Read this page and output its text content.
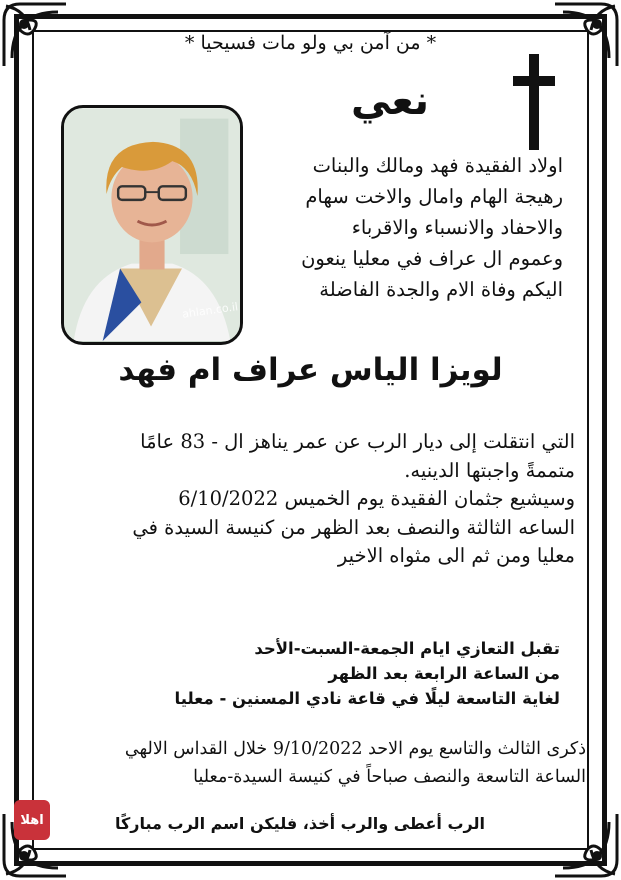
* من آمن بي ولو مات فسيحيا *
نعي
ahlan.co.il
اولاد الفقيدة فهد ومالك والبنات
رهيجة الهام وامال والاخت سهام
والاحفاد والانسباء والاقرباء
وعموم ال عراف في معليا ينعون
اليكم وفاة الام والجدة الفاضلة
لويزا الياس عراف ام فهد
التي انتقلت إلى ديار الرب عن عمر يناهز ال - 83 عامًا
متممةً واجبتها الدينيه.
وسيشيع جثمان الفقيدة يوم الخميس 6/10/2022
الساعه الثالثة والنصف بعد الظهر من كنيسة السيدة في
معليا ومن ثم الى مثواه الاخير
تقبل التعازي ايام الجمعة-السبت-الأحد
من الساعة الرابعة بعد الظهر
لغاية التاسعة ليلًا في قاعة نادي المسنين - معليا
ذكرى الثالث والتاسع يوم الاحد 9/10/2022 خلال القداس الالهي
الساعة التاسعة والنصف صباحاً في كنيسة السيدة-معليا
الرب أعطى والرب أخذ، فليكن اسم الرب مباركًا
اهلا
